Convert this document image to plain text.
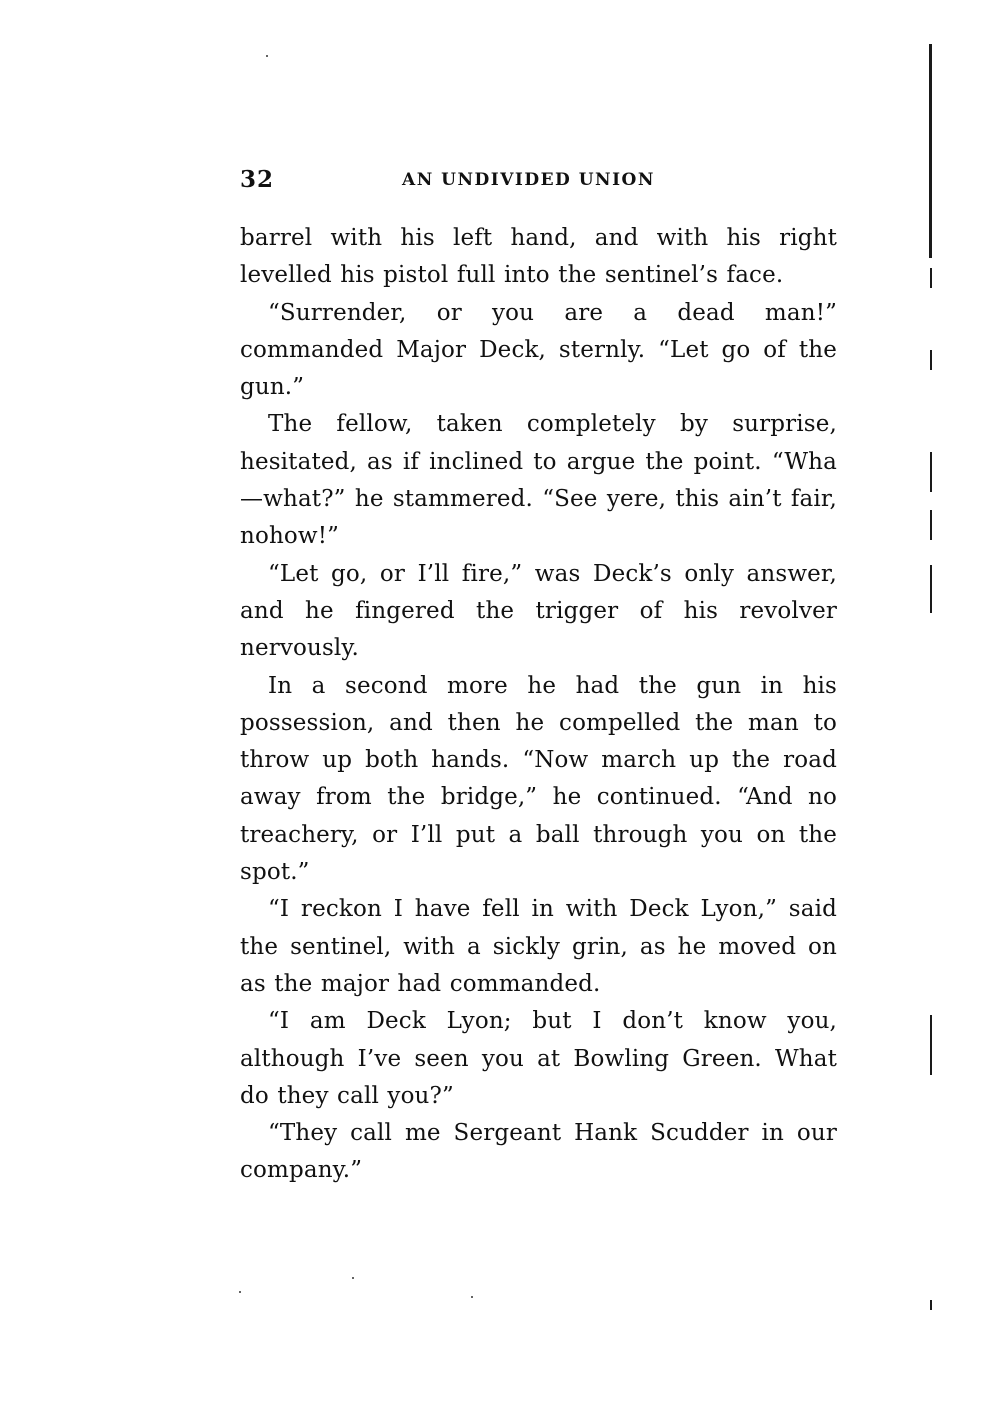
32	AN UNDIVIDED UNION

barrel with his left hand, and with his right levelled his pistol full into the sentinel’s face.

“Surrender, or you are a dead man!” commanded Major Deck, sternly. “Let go of the gun.”

The fellow, taken completely by surprise, hesitated, as if inclined to argue the point. “Wha—what?” he stammered. “See yere, this ain’t fair, nohow!”

“Let go, or I’ll fire,” was Deck’s only answer, and he fingered the trigger of his revolver nervously.

In a second more he had the gun in his possession, and then he compelled the man to throw up both hands. “Now march up the road away from the bridge,” he continued. “And no treachery, or I’ll put a ball through you on the spot.”

“I reckon I have fell in with Deck Lyon,” said the sentinel, with a sickly grin, as he moved on as the major had commanded.

“I am Deck Lyon; but I don’t know you, although I’ve seen you at Bowling Green. What do they call you?”

“They call me Sergeant Hank Scudder in our company.”
